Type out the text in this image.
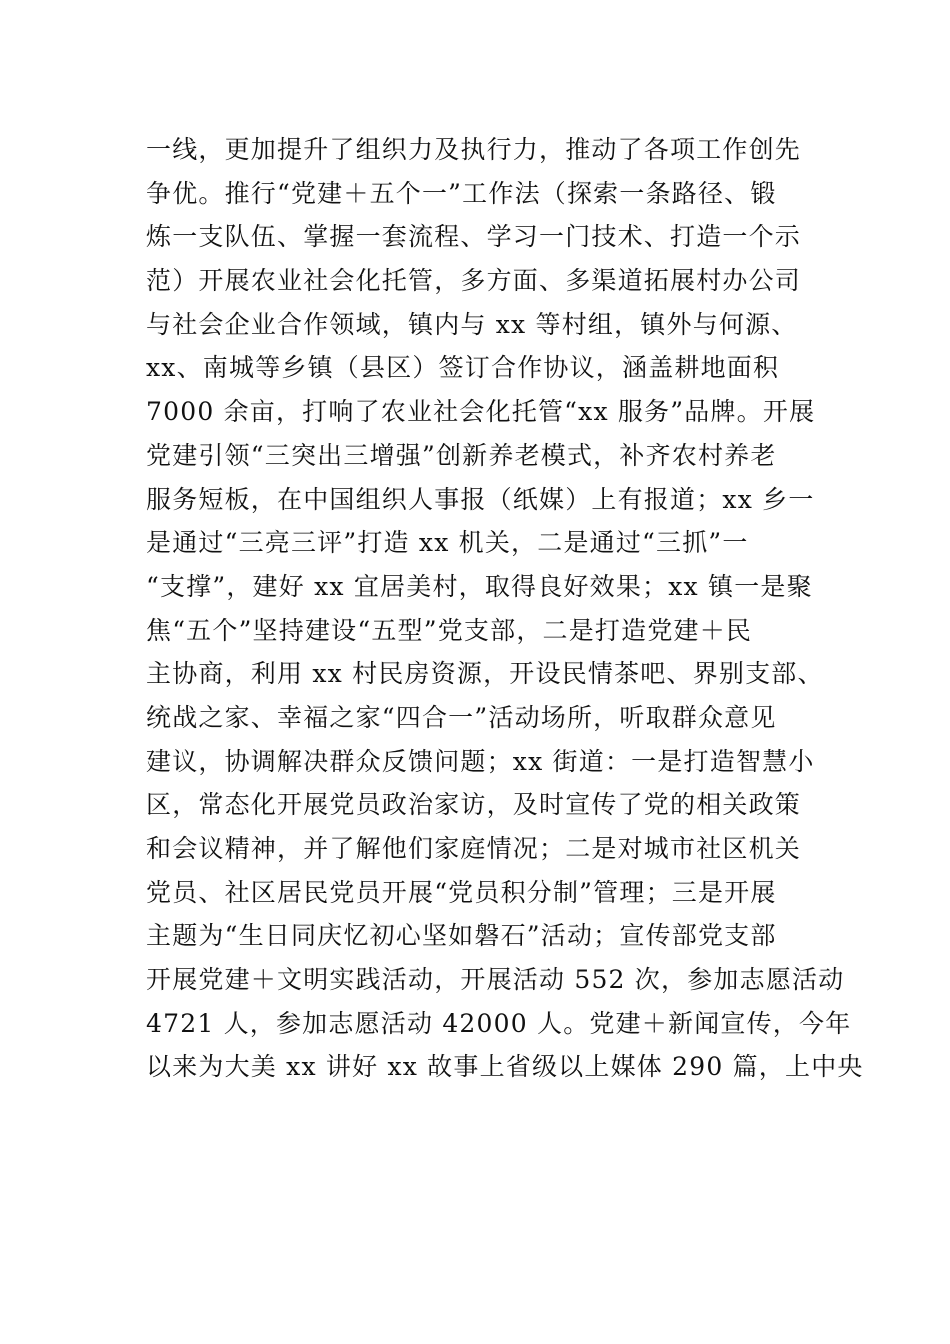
一线，更加提升了组织力及执行力，推动了各项工作创先
争优。推行“党建＋五个一”工作法（探索一条路径、锻
炼一支队伍、掌握一套流程、学习一门技术、打造一个示
范）开展农业社会化托管，多方面、多渠道拓展村办公司
与社会企业合作领域，镇内与 xx 等村组，镇外与何源、
xx、南城等乡镇（县区）签订合作协议，涵盖耕地面积
7000 余亩，打响了农业社会化托管“xx 服务”品牌。开展
党建引领“三突出三增强”创新养老模式，补齐农村养老
服务短板，在中国组织人事报（纸媒）上有报道；xx 乡一
是通过“三亮三评”打造 xx 机关，二是通过“三抓”一
“支撑”，建好 xx 宜居美村，取得良好效果；xx 镇一是聚
焦“五个”坚持建设“五型”党支部，二是打造党建＋民
主协商，利用 xx 村民房资源，开设民情茶吧、界别支部、
统战之家、幸福之家“四合一”活动场所，听取群众意见
建议，协调解决群众反馈问题；xx 街道：一是打造智慧小
区，常态化开展党员政治家访，及时宣传了党的相关政策
和会议精神，并了解他们家庭情况；二是对城市社区机关
党员、社区居民党员开展“党员积分制”管理；三是开展
主题为“生日同庆忆初心坚如磐石”活动；宣传部党支部
开展党建＋文明实践活动，开展活动 552 次，参加志愿活动
4721 人，参加志愿活动 42000 人。党建＋新闻宣传，今年
以来为大美 xx 讲好 xx 故事上省级以上媒体 290 篇，上中央
